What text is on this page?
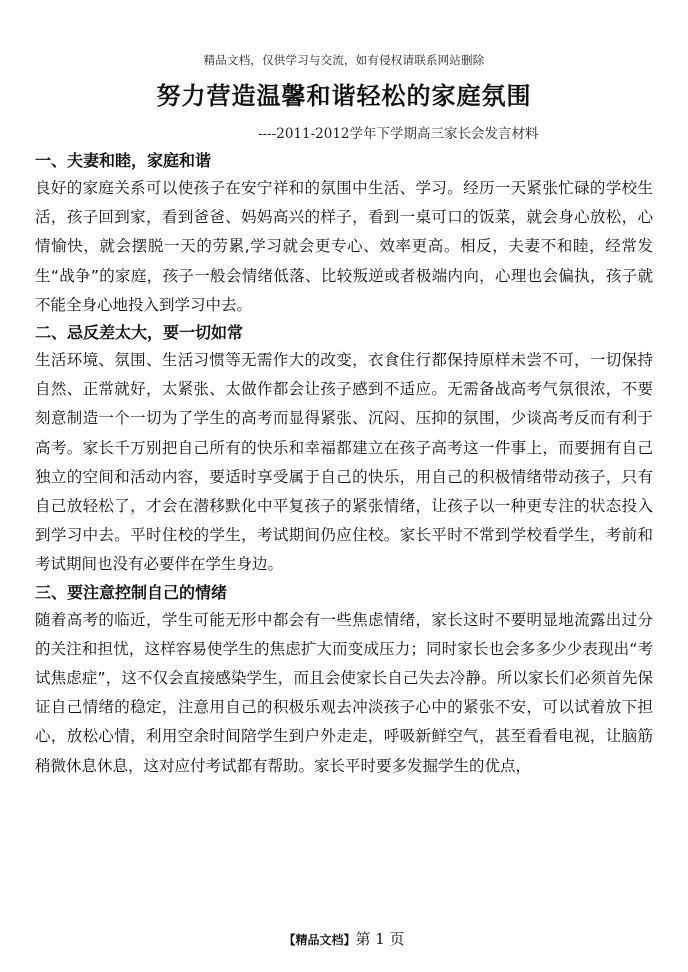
精品文档，仅供学习与交流，如有侵权请联系网站删除
努力营造温馨和谐轻松的家庭氛围
----2011-2012学年下学期高三家长会发言材料
一、夫妻和睦，家庭和谐

良好的家庭关系可以使孩子在安宁祥和的氛围中生活、学习。经历一天紧张忙碌的学校生活，孩子回到家，看到爸爸、妈妈高兴的样子，看到一桌可口的饭菜，就会身心放松，心情愉快，就会摆脱一天的劳累,学习就会更专心、效率更高。相反，夫妻不和睦，经常发生“战争”的家庭，孩子一般会情绪低落、比较叛逆或者极端内向，心理也会偏执，孩子就不能全身心地投入到学习中去。

二、忌反差太大，要一切如常

生活环境、氛围、生活习惯等无需作大的改变，衣食住行都保持原样未尝不可，一切保持自然、正常就好，太紧张、太做作都会让孩子感到不适应。无需备战高考气氛很浓，不要刻意制造一个一切为了学生的高考而显得紧张、沉闷、压抑的氛围，少谈高考反而有利于高考。家长千万别把自己所有的快乐和幸福都建立在孩子高考这一件事上，而要拥有自己独立的空间和活动内容，要适时享受属于自己的快乐，用自己的积极情绪带动孩子，只有自己放轻松了，才会在潜移默化中平复孩子的紧张情绪，让孩子以一种更专注的状态投入到学习中去。平时住校的学生，考试期间仍应住校。家长平时不常到学校看学生，考前和考试期间也没有必要伴在学生身边。

三、要注意控制自己的情绪

随着高考的临近，学生可能无形中都会有一些焦虑情绪，家长这时不要明显地流露出过分的关注和担忧，这样容易使学生的焦虑扩大而变成压力；同时家长也会多多少少表现出“考试焦虑症”，这不仅会直接感染学生，而且会使家长自己失去冷静。所以家长们必须首先保证自己情绪的稳定，注意用自己的积极乐观去冲淡孩子心中的紧张不安，可以试着放下担心，放松心情，利用空余时间陪学生到户外走走，呼吸新鲜空气，甚至看看电视，让脑筋稍微休息休息，这对应付考试都有帮助。家长平时要多发掘学生的优点，

【精品文档】第 1 页
